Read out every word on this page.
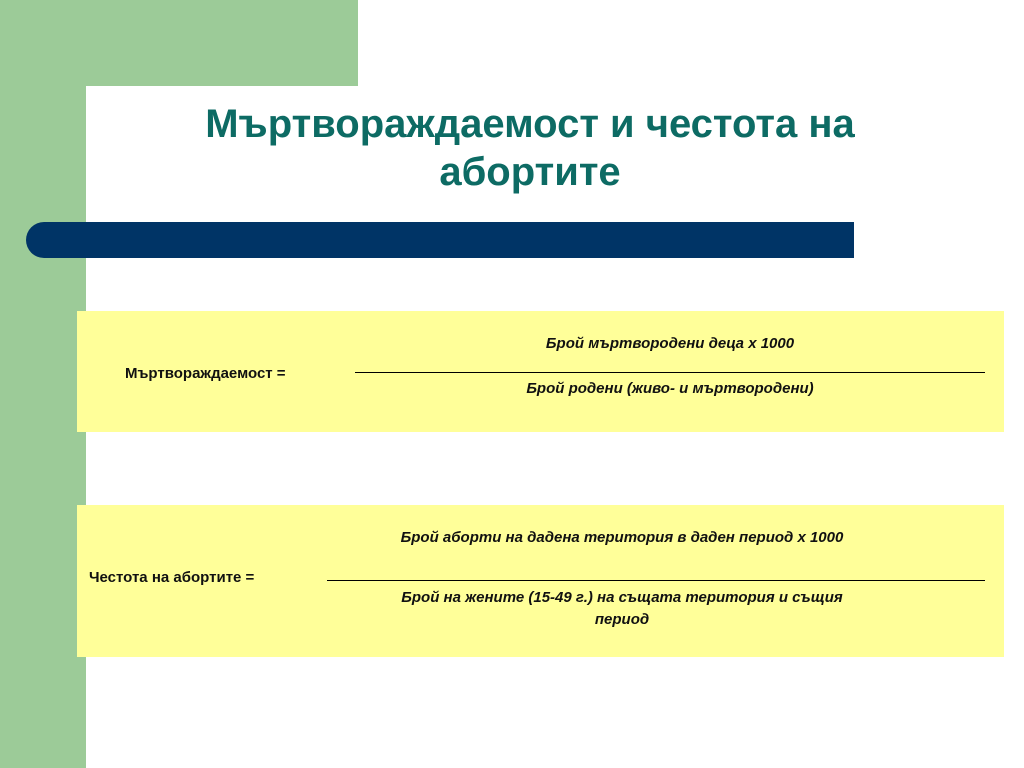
Мъртвораждаемост и честота на
абортите
Мъртвораждаемост =
Брой мъртвородени деца х 1000
Брой родени (живо- и мъртвородени)
Честота на абортите =
Брой аборти на дадена територия в даден период х 1000
Брой на жените (15-49 г.) на същата територия и същия
период
